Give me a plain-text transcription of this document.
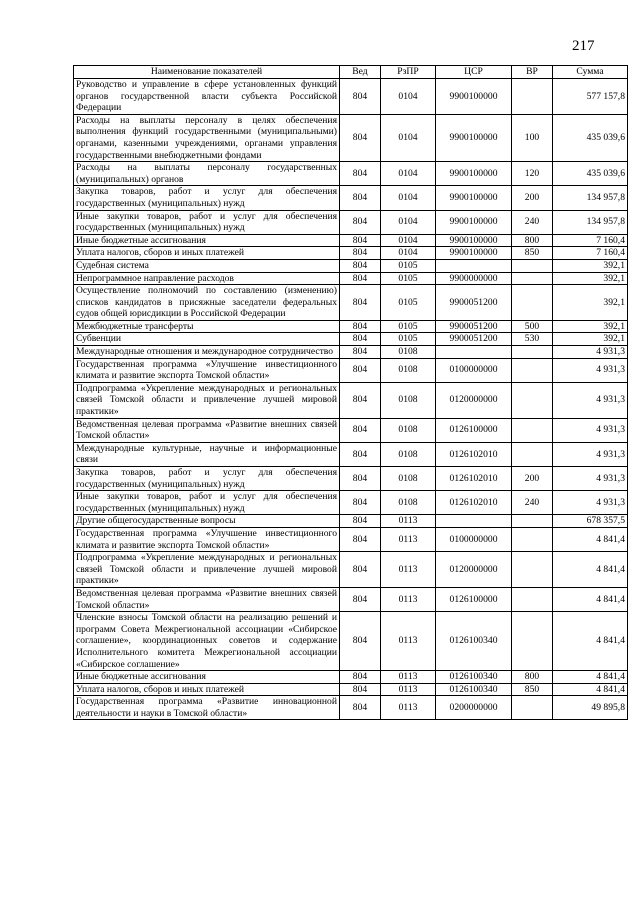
217
Наименование показателей	Вед	РзПР	ЦСР	ВР	Сумма
Руководство и управление в сфере установленных функций органов государственной власти субъекта Российской Федерации	804	0104	9900100000		577 157,8
Расходы на выплаты персоналу в целях обеспечения выполнения функций государственными (муниципальными) органами, казенными учреждениями, органами управления государственными внебюджетными фондами	804	0104	9900100000	100	435 039,6
Расходы на выплаты персоналу государственных (муниципальных) органов	804	0104	9900100000	120	435 039,6
Закупка товаров, работ и услуг для обеспечения государственных (муниципальных) нужд	804	0104	9900100000	200	134 957,8
Иные закупки товаров, работ и услуг для обеспечения государственных (муниципальных) нужд	804	0104	9900100000	240	134 957,8
Иные бюджетные ассигнования	804	0104	9900100000	800	7 160,4
Уплата налогов, сборов и иных платежей	804	0104	9900100000	850	7 160,4
Судебная система	804	0105			392,1
Непрограммное направление расходов	804	0105	9900000000		392,1
Осуществление полномочий по составлению (изменению) списков кандидатов в присяжные заседатели федеральных судов общей юрисдикции в Российской Федерации	804	0105	9900051200		392,1
Межбюджетные трансферты	804	0105	9900051200	500	392,1
Субвенции	804	0105	9900051200	530	392,1
Международные отношения и международное сотрудничество	804	0108			4 931,3
Государственная программа «Улучшение инвестиционного климата и развитие экспорта Томской области»	804	0108	0100000000		4 931,3
Подпрограмма «Укрепление международных и региональных связей Томской области и привлечение лучшей мировой практики»	804	0108	0120000000		4 931,3
Ведомственная целевая программа «Развитие внешних связей Томской области»	804	0108	0126100000		4 931,3
Международные культурные, научные и информационные связи	804	0108	0126102010		4 931,3
Закупка товаров, работ и услуг для обеспечения государственных (муниципальных) нужд	804	0108	0126102010	200	4 931,3
Иные закупки товаров, работ и услуг для обеспечения государственных (муниципальных) нужд	804	0108	0126102010	240	4 931,3
Другие общегосударственные вопросы	804	0113			678 357,5
Государственная программа «Улучшение инвестиционного климата и развитие экспорта Томской области»	804	0113	0100000000		4 841,4
Подпрограмма «Укрепление международных и региональных связей Томской области и привлечение лучшей мировой практики»	804	0113	0120000000		4 841,4
Ведомственная целевая программа «Развитие внешних связей Томской области»	804	0113	0126100000		4 841,4
Членские взносы Томской области на реализацию решений и программ Совета Межрегиональной ассоциации «Сибирское соглашение», координационных советов и содержание Исполнительного комитета Межрегиональной ассоциации «Сибирское соглашение»	804	0113	0126100340		4 841,4
Иные бюджетные ассигнования	804	0113	0126100340	800	4 841,4
Уплата налогов, сборов и иных платежей	804	0113	0126100340	850	4 841,4
Государственная программа «Развитие инновационной деятельности и науки в Томской области»	804	0113	0200000000		49 895,8
